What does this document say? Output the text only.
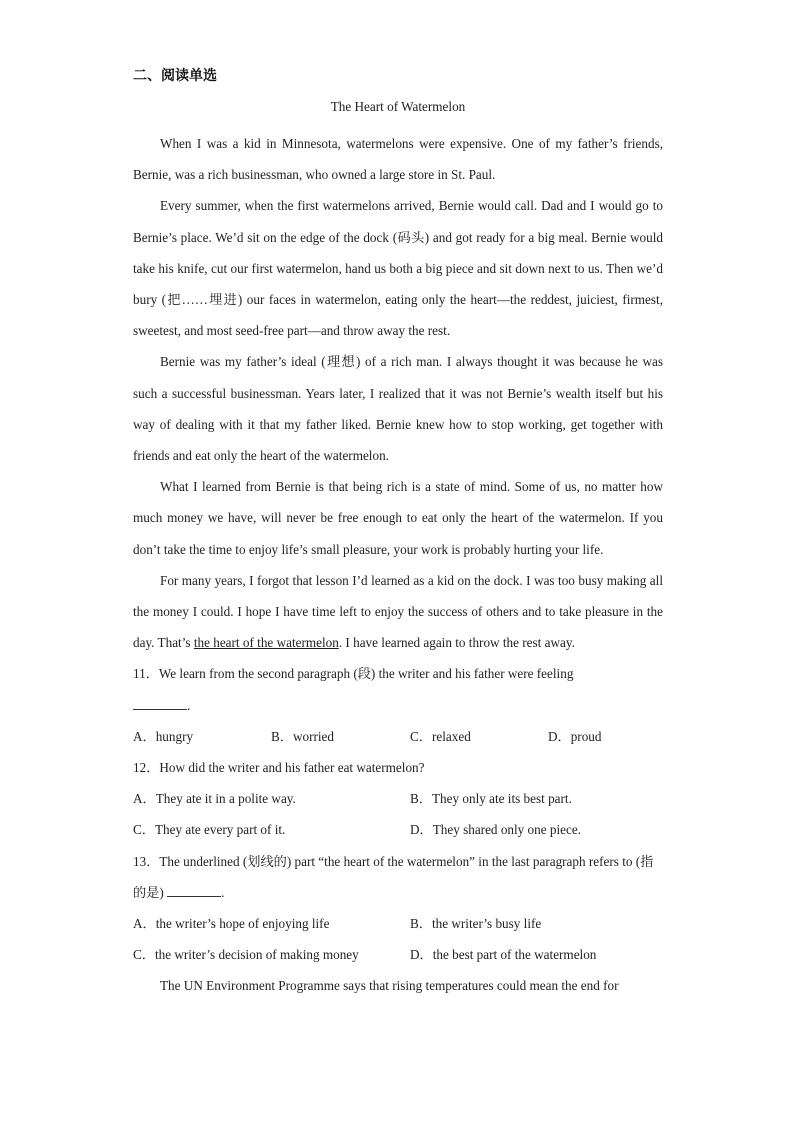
二、阅读单选
The Heart of Watermelon

When I was a kid in Minnesota, watermelons were expensive. One of my father’s friends, Bernie, was a rich businessman, who owned a large store in St. Paul.

Every summer, when the first watermelons arrived, Bernie would call. Dad and I would go to Bernie’s place. We’d sit on the edge of the dock (码头) and got ready for a big meal. Bernie would take his knife, cut our first watermelon, hand us both a big piece and sit down next to us. Then we’d bury (把……埋进) our faces in watermelon, eating only the heart—the reddest, juiciest, firmest, sweetest, and most seed-free part—and throw away the rest.

Bernie was my father’s ideal (理想) of a rich man. I always thought it was because he was such a successful businessman. Years later, I realized that it was not Bernie’s wealth itself but his way of dealing with it that my father liked. Bernie knew how to stop working, get together with friends and eat only the heart of the watermelon.

What I learned from Bernie is that being rich is a state of mind. Some of us, no matter how much money we have, will never be free enough to eat only the heart of the watermelon. If you don’t take the time to enjoy life’s small pleasure, your work is probably hurting your life.

For many years, I forgot that lesson I’d learned as a kid on the dock. I was too busy making all the money I could. I hope I have time left to enjoy the success of others and to take pleasure in the day. That’s the heart of the watermelon. I have learned again to throw the rest away.

11．We learn from the second paragraph (段) the writer and his father were feeling

.

A．hungry	B．worried	C．relaxed	D．proud

12．How did the writer and his father eat watermelon?

A．They ate it in a polite way.	B．They only ate its best part.
C．They ate every part of it.	D．They shared only one piece.

13．The underlined (划线的) part “the heart of the watermelon” in the last paragraph refers to (指的是)	.

A．the writer’s hope of enjoying life	B．the writer’s busy life
C．the writer’s decision of making money	D．the best part of the watermelon

The UN Environment Programme says that rising temperatures could mean the end for
